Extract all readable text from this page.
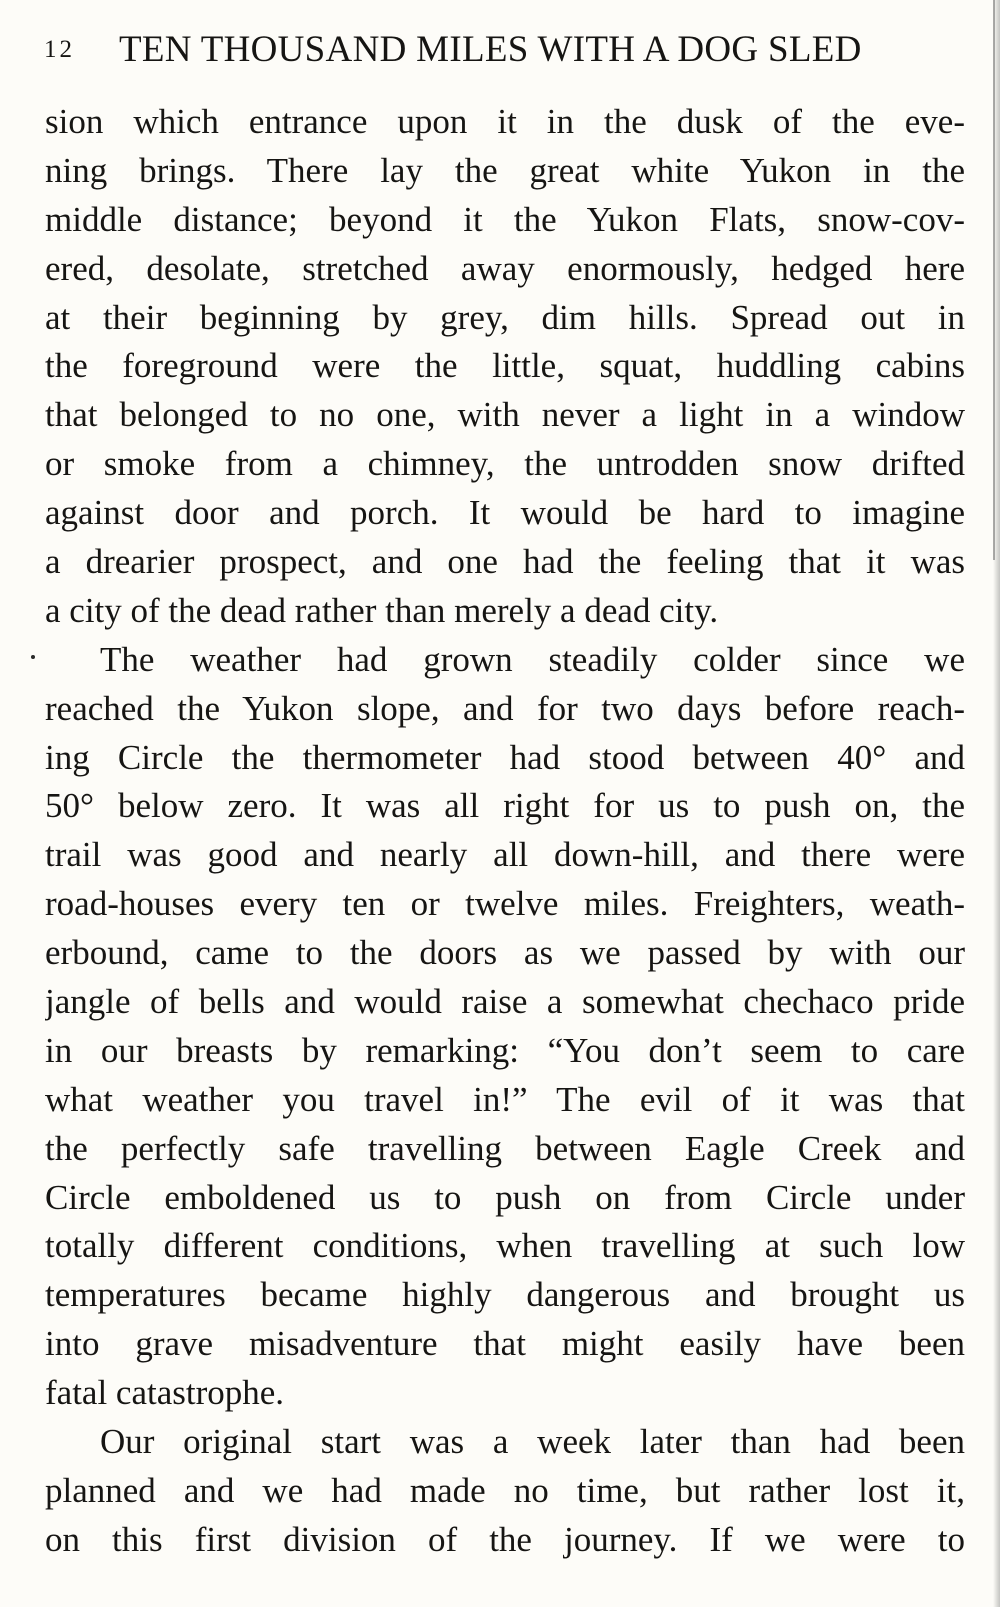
12 TEN THOUSAND MILES WITH A DOG SLED
sion which entrance upon it in the dusk of the eve-
ning brings. There lay the great white Yukon in the
middle distance; beyond it the Yukon Flats, snow-cov-
ered, desolate, stretched away enormously, hedged here
at their beginning by grey, dim hills. Spread out in
the foreground were the little, squat, huddling cabins
that belonged to no one, with never a light in a window
or smoke from a chimney, the untrodden snow drifted
against door and porch. It would be hard to imagine
a drearier prospect, and one had the feeling that it was
a city of the dead rather than merely a dead city.
The weather had grown steadily colder since we
reached the Yukon slope, and for two days before reach-
ing Circle the thermometer had stood between 40° and
50° below zero. It was all right for us to push on, the
trail was good and nearly all down-hill, and there were
road-houses every ten or twelve miles. Freighters, weath-
erbound, came to the doors as we passed by with our
jangle of bells and would raise a somewhat chechaco pride
in our breasts by remarking: “You don’t seem to care
what weather you travel in!” The evil of it was that
the perfectly safe travelling between Eagle Creek and
Circle emboldened us to push on from Circle under
totally different conditions, when travelling at such low
temperatures became highly dangerous and brought us
into grave misadventure that might easily have been
fatal catastrophe.
Our original start was a week later than had been
planned and we had made no time, but rather lost it,
on this first division of the journey. If we were to
